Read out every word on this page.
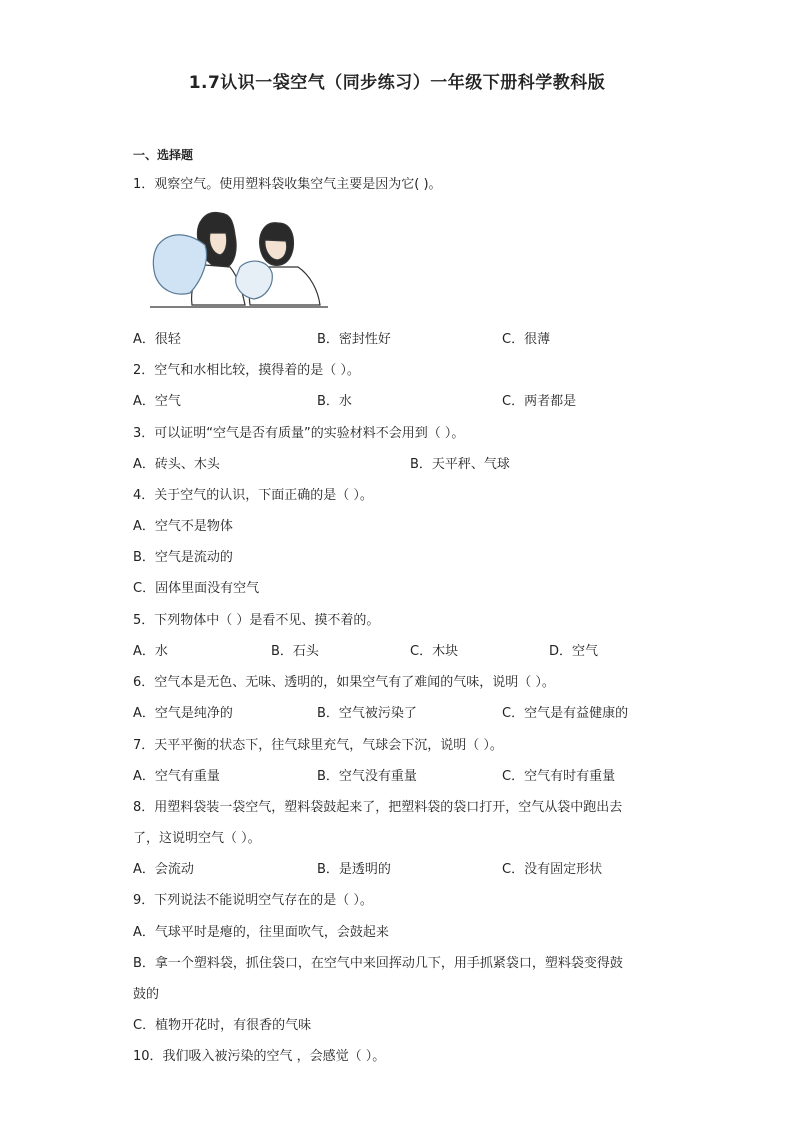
1.7认识一袋空气（同步练习）一年级下册科学教科版
一、选择题
1．观察空气。使用塑料袋收集空气主要是因为它( )。
A．很轻	B．密封性好	C．很薄
2．空气和水相比较，摸得着的是（ ）。
A．空气	B．水	C．两者都是
3．可以证明“空气是否有质量”的实验材料不会用到（ ）。
A．砖头、木头	B．天平秤、气球
4．关于空气的认识，下面正确的是（ ）。
A．空气不是物体
B．空气是流动的
C．固体里面没有空气
5．下列物体中（ ）是看不见、摸不着的。
A．水	B．石头	C．木块	D．空气
6．空气本是无色、无味、透明的，如果空气有了难闻的气味，说明（ ）。
A．空气是纯净的	B．空气被污染了	C．空气是有益健康的
7．天平平衡的状态下，往气球里充气，气球会下沉，说明（ ）。
A．空气有重量	B．空气没有重量	C．空气有时有重量
8．用塑料袋装一袋空气，塑料袋鼓起来了，把塑料袋的袋口打开，空气从袋中跑出去
了，这说明空气（ ）。
A．会流动	B．是透明的	C．没有固定形状
9．下列说法不能说明空气存在的是（ ）。
A．气球平时是瘪的，往里面吹气，会鼓起来
B．拿一个塑料袋，抓住袋口，在空气中来回挥动几下，用手抓紧袋口，塑料袋变得鼓
鼓的
C．植物开花时，有很香的气味
10．我们吸入被污染的空气 ，会感觉（ ）。
